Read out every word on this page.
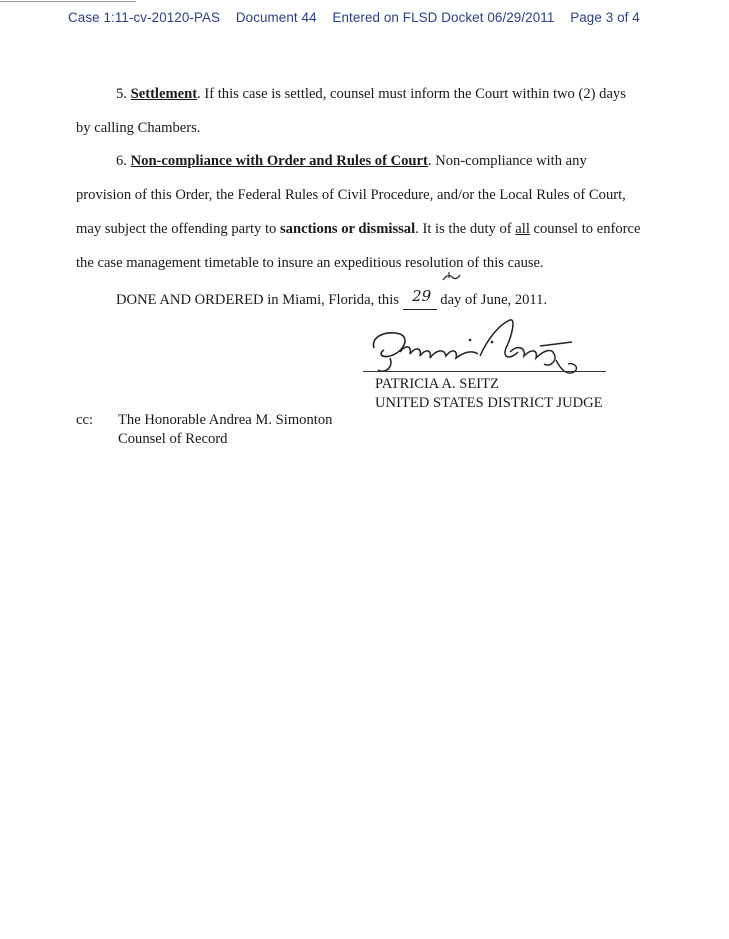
Case 1:11-cv-20120-PAS Document 44 Entered on FLSD Docket 06/29/2011 Page 3 of 4
5. Settlement. If this case is settled, counsel must inform the Court within two (2) days
by calling Chambers.
6. Non-compliance with Order and Rules of Court. Non-compliance with any
provision of this Order, the Federal Rules of Civil Procedure, and/or the Local Rules of Court,
may subject the offending party to sanctions or dismissal. It is the duty of all counsel to enforce
the case management timetable to insure an expeditious resolution of this cause.
DONE AND ORDERED in Miami, Florida, this 29 day of June, 2011.
PATRICIA A. SEITZ
UNITED STATES DISTRICT JUDGE
cc: The Honorable Andrea M. Simonton
Counsel of Record
